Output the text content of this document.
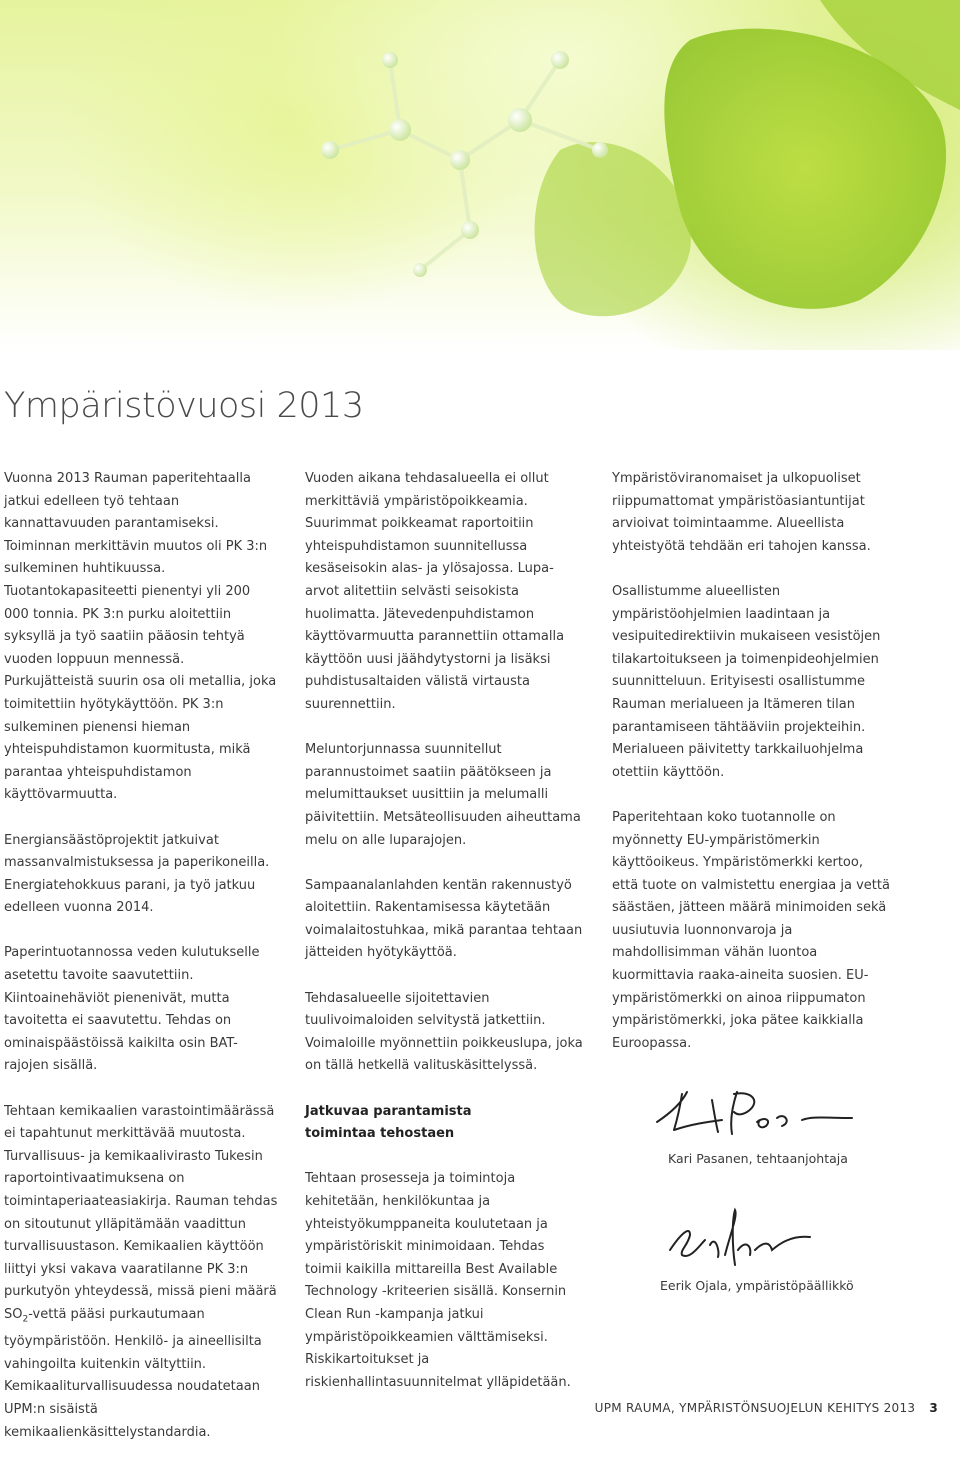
Ympäristövuosi 2013

Vuonna 2013 Rauman paperitehtaalla jatkui edelleen työ tehtaan kannattavuuden parantamiseksi. Toiminnan merkittävin muutos oli PK 3:n sulkeminen huhtikuussa. Tuotantokapasiteetti pienentyi yli 200 000 tonnia. PK 3:n purku aloitettiin syksyllä ja työ saatiin pääosin tehtyä vuoden loppuun mennessä. Purkujätteistä suurin osa oli metallia, joka toimitettiin hyötykäyttöön. PK 3:n sulkeminen pienensi hieman yhteispuhdistamon kuormitusta, mikä parantaa yhteispuhdistamon käyttövarmuutta.

Energiansäästöprojektit jatkuivat massanvalmistuksessa ja paperikoneilla. Energiatehokkuus parani, ja työ jatkuu edelleen vuonna 2014.

Paperintuotannossa veden kulutukselle asetettu tavoite saavutettiin. Kiintoainehäviöt pienenivät, mutta tavoitetta ei saavutettu. Tehdas on ominaispäästöissä kaikilta osin BAT-rajojen sisällä.

Tehtaan kemikaalien varastointimäärässä ei tapahtunut merkittävää muutosta. Turvallisuus- ja kemikaalivirasto Tukesin raportointivaatimuksena on toimintaperiaateasiakirja. Rauman tehdas on sitoutunut ylläpitämään vaadittun turvallisuustason. Kemikaalien käyttöön liittyi yksi vakava vaaratilanne PK 3:n purkutyön yhteydessä, missä pieni määrä $SO_2$-vettä pääsi purkautumaan työympäristöön. Henkilö- ja aineellisilta vahingoilta kuitenkin vältyttiin. Kemikaaliturvallisuudessa noudatetaan UPM:n sisäistä kemikaalienkäsittelystandardia.

Vuoden aikana tehdasalueella ei ollut merkittäviä ympäristöpoikkeamia. Suurimmat poikkeamat raportoitiin yhteispuhdistamon suunnitellussa kesäseisokin alas- ja ylösajossa. Lupa-arvot alitettiin selvästi seisokista huolimatta. Jätevedenpuhdistamon käyttövarmuutta parannettiin ottamalla käyttöön uusi jäähdytystorni ja lisäksi puhdistusaltaiden välistä virtausta suurennettiin.

Meluntorjunnassa suunnitellut parannustoimet saatiin päätökseen ja melumittaukset uusittiin ja melumalli päivitettiin. Metsäteollisuuden aiheuttama melu on alle luparajojen.

Sampaanalanlahden kentän rakennustyö aloitettiin. Rakentamisessa käytetään voimalaitostuhkaa, mikä parantaa tehtaan jätteiden hyötykäyttöä.

Tehdasalueelle sijoitettavien tuulivoimaloiden selvitystä jatkettiin. Voimaloille myönnettiin poikkeuslupa, joka on tällä hetkellä valituskäsittelyssä.

Jatkuvaa parantamista toimintaa tehostaen

Tehtaan prosesseja ja toimintoja kehitetään, henkilökuntaa ja yhteistyökumppaneita koulutetaan ja ympäristöriskit minimoidaan. Tehdas toimii kaikilla mittareilla Best Available Technology -kriteerien sisällä. Konsernin Clean Run -kampanja jatkui ympäristöpoikkeamien välttämiseksi. Riskikartoitukset ja riskienhallintasuunnitelmat ylläpidetään.

Ympäristöviranomaiset ja ulkopuoliset riippumattomat ympäristöasiantuntijat arvioivat toimintaamme. Alueellista yhteistyötä tehdään eri tahojen kanssa.

Osallistumme alueellisten ympäristöohjelmien laadintaan ja vesipuitedirektiivin mukaiseen vesistöjen tilakartoitukseen ja toimenpideohjelmien suunnitteluun. Erityisesti osallistumme Rauman merialueen ja Itämeren tilan parantamiseen tähtääviin projekteihin. Merialueen päivitetty tarkkailuohjelma otettiin käyttöön.

Paperitehtaan koko tuotannolle on myönnetty EU-ympäristömerkin käyttöoikeus. Ympäristömerkki kertoo, että tuote on valmistettu energiaa ja vettä säästäen, jätteen määrä minimoiden sekä uusiutuvia luonnonvaroja ja mahdollisimman vähän luontoa kuormittavia raaka-aineita suosien. EU-ympäristömerkki on ainoa riippumaton ympäristömerkki, joka pätee kaikkialla Euroopassa.

Kari Pasanen, tehtaanjohtaja
Eerik Ojala, ympäristöpäällikkö
UPM RAUMA, YMPÄRISTÖNSUOJELUN KEHITYS 2013 3
